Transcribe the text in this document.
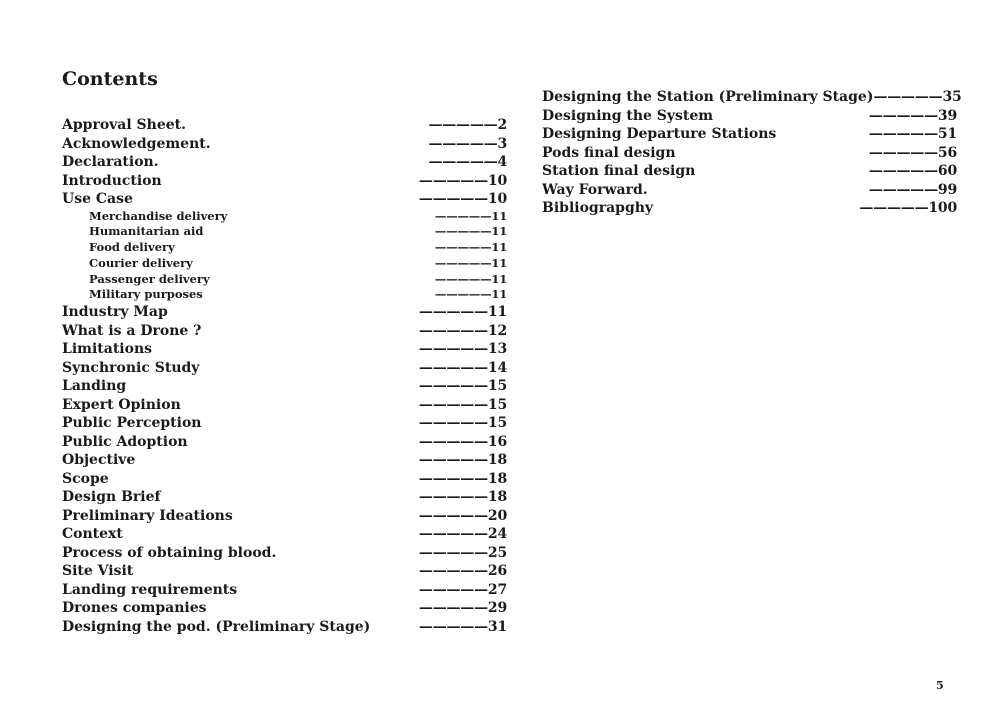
Contents
Approval Sheet.	—————2
Acknowledgement.	—————3
Declaration.	—————4
Introduction	—————10
Use Case	—————10
Merchandise delivery	—————11
Humanitarian aid	—————11
Food delivery	—————11
Courier delivery	—————11
Passenger delivery	—————11
Military purposes	—————11
Industry Map	—————11
What is a Drone ?	—————12
Limitations	—————13
Synchronic Study	—————14
Landing	—————15
Expert Opinion	—————15
Public Perception	—————15
Public Adoption	—————16
Objective	—————18
Scope	—————18
Design Brief	—————18
Preliminary Ideations	—————20
Context	—————24
Process of obtaining blood.	—————25
Site Visit	—————26
Landing requirements	—————27
Drones companies	—————29
Designing the pod. (Preliminary Stage)	—————31
Designing the Station (Preliminary Stage) —————35
Designing the System	—————39
Designing Departure Stations	—————51
Pods final design	—————56
Station final design	—————60
Way Forward.	—————99
Bibliograpghy	—————100
5
